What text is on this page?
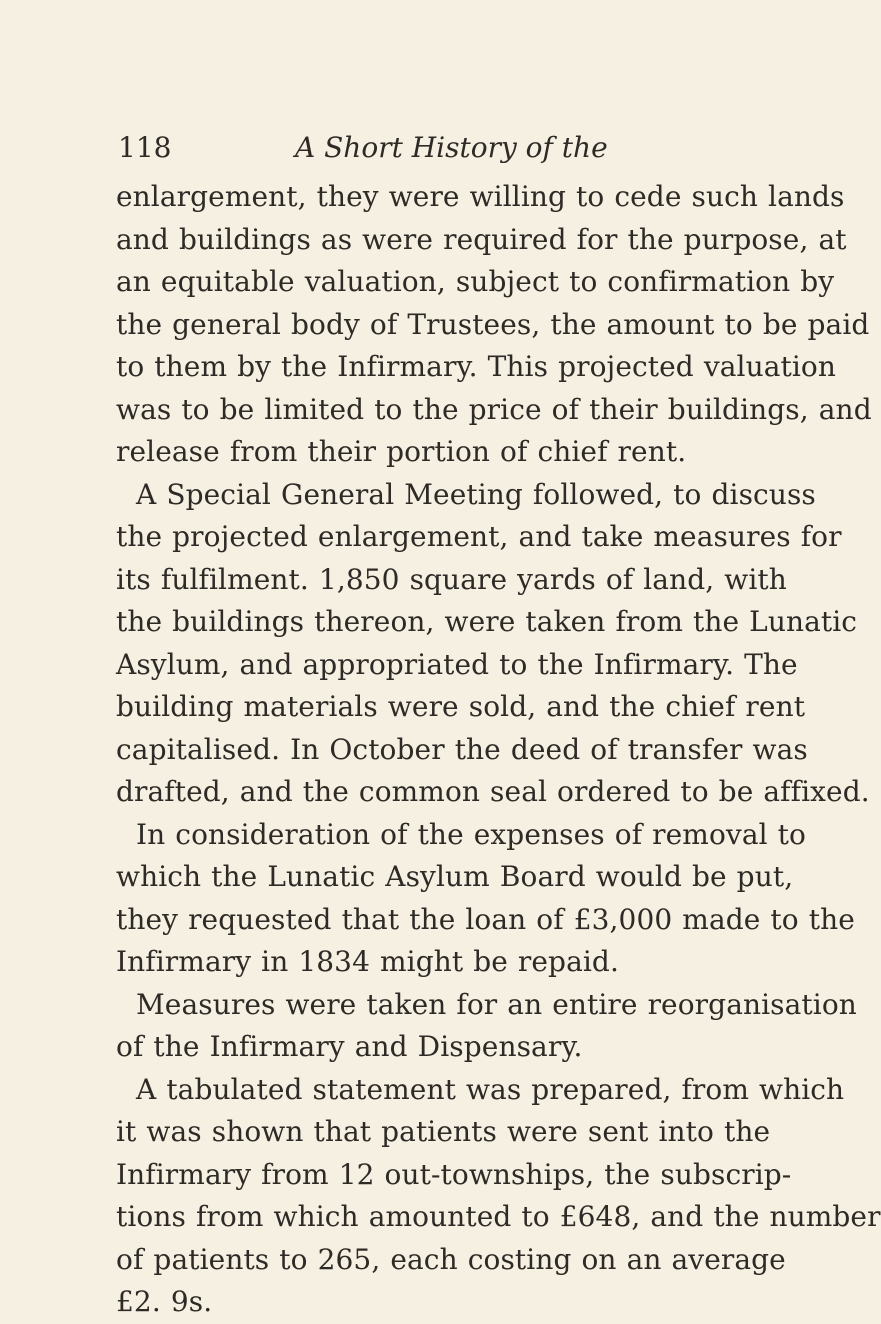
118	A Short History of the
enlargement, they were willing to cede such lands
and buildings as were required for the purpose, at
an equitable valuation, subject to confirmation by
the general body of Trustees, the amount to be paid
to them by the Infirmary. This projected valuation
was to be limited to the price of their buildings, and
release from their portion of chief rent.
A Special General Meeting followed, to discuss
the projected enlargement, and take measures for
its fulfilment. 1,850 square yards of land, with
the buildings thereon, were taken from the Lunatic
Asylum, and appropriated to the Infirmary. The
building materials were sold, and the chief rent
capitalised. In October the deed of transfer was
drafted, and the common seal ordered to be affixed.
In consideration of the expenses of removal to
which the Lunatic Asylum Board would be put,
they requested that the loan of £3,000 made to the
Infirmary in 1834 might be repaid.
Measures were taken for an entire reorganisation
of the Infirmary and Dispensary.
A tabulated statement was prepared, from which
it was shown that patients were sent into the
Infirmary from 12 out-townships, the subscrip-
tions from which amounted to £648, and the number
of patients to 265, each costing on an average
£2. 9s.
